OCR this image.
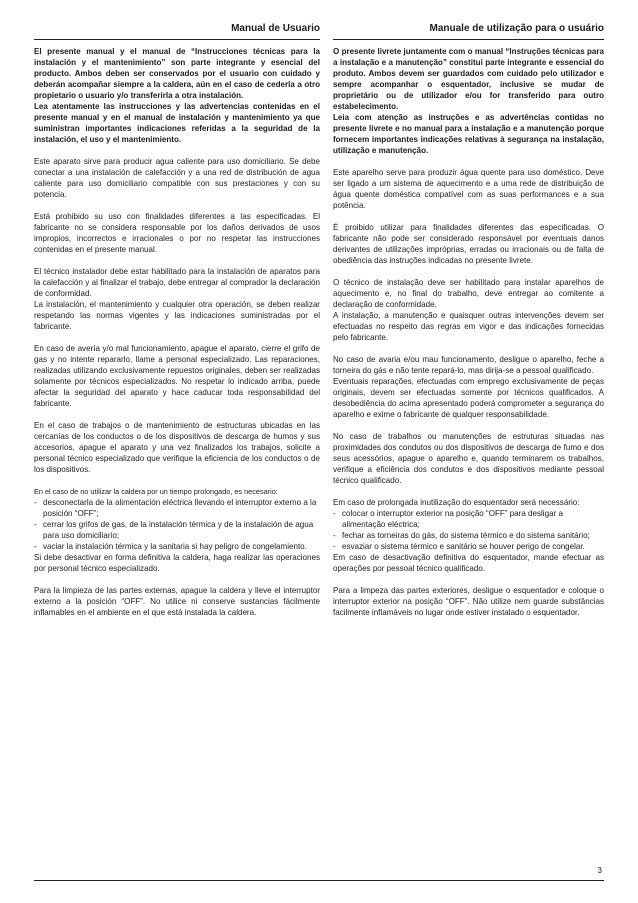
Manual de Usuario	Manuale de utilização para o usuário

El presente manual y el manual de “Instrucciones técnicas para la instalación y el mantenimiento” son parte integrante y esencial del producto. Ambos deben ser conservados por el usuario con cuidado y deberán acompañar siempre a la caldera, aún en el caso de cederla a otro propietario o usuario y/o transferirla a otra instalación.

Lea atentamente las instrucciones y las advertencias contenidas en el presente manual y en el manual de instalación y mantenimiento ya que suministran importantes indicaciones referidas a la seguridad de la instalación, el uso y el mantenimiento.

Este aparato sirve para producir agua caliente para uso domiciliario. Se debe conectar a una instalación de calefacción y a una red de distribución de agua caliente para uso domiciliario compatible con sus prestaciones y con su potencia.

Está prohibido su uso con finalidades diferentes a las especificadas. El fabricante no se considera responsable por los daños derivados de usos impropios, incorrectos e irracionales o por no respetar las instrucciones contenidas en el presente manual.

El técnico instalador debe estar habilitado para la instalación de aparatos para la calefacción y al finalizar el trabajo, debe entregar al comprador la declaración de conformidad.

La instalación, el mantenimiento y cualquier otra operación, se deben realizar respetando las normas vigentes y las indicaciones suministradas por el fabricante.

En caso de avería y/o mal funcionamiento, apague el aparato, cierre el grifo de gas y no intente repararlo, llame a personal especializado. Las reparaciones, realizadas utilizando exclusivamente repuestos originales, deben ser realizadas solamente por técnicos especializados. No respetar lo indicado arriba, puede afectar la seguridad del aparato y hace caducar toda responsabilidad del fabricante.

En el caso de trabajos o de mantenimiento de estructuras ubicadas en las cercanías de los conductos o de los dispositivos de descarga de humos y sus accesorios, apague el aparato y una vez finalizados los trabajos, solicite a personal técnico especializado que verifique la eficiencia de los conductos o de los dispositivos.

En el caso de no utilizar la caldera por un tiempo prolongado, es necesario:

- desconectarla de la alimentación eléctrica llevando el interruptor externo a la posición “OFF”;
- cerrar los grifos de gas, de la instalación térmica y de la instalación de agua para uso domiciliario;
- vaciar la instalación térmica y la sanitaria si hay peligro de congelamiento.

Si debe desactivar en forma definitiva la caldera, haga realizar las operaciones por personal técnico especializado.

Para la limpieza de las partes externas, apague la caldera y lleve el interruptor externo a la posición “OFF”. No utilice ni conserve sustancias fácilmente inflamables en el ambiente en el que está instalada la caldera.

O presente livrete juntamente com o manual “Instruções técnicas para a instalação e a manutenção” constitui parte integrante e essencial do produto. Ambos devem ser guardados com cuidado pelo utilizador e sempre acompanhar o esquentador, inclusive se mudar de proprietário ou de utilizador e/ou for transferido para outro estabelecimento.

Leia com atenção as instruções e as advertências contidas no presente livrete e no manual para a instalação e a manutenção porque fornecem importantes indicações relativas à segurança na instalação, utilização e manutenção.

Este aparelho serve para produzir água quente para uso doméstico. Deve ser ligado a um sistema de aquecimento e a uma rede de distribuição de água quente doméstica compatível com as suas performances e a sua potência.

É proibido utilizar para finalidades diferentes das especificadas. O fabricante não pode ser considerado responsável por eventuais danos derivantes de utilizações impróprias, erradas ou irracionais ou de falta de obediência das instruções indicadas no presente livrete.

O técnico de instalação deve ser habilitado para instalar aparelhos de aquecimento e, no final do trabalho, deve entregar ao comitente a declaração de conformidade.

A instalação, a manutenção e quaisquer outras intervenções devem ser efectuadas no respeito das regras em vigor e das indicações fornecidas pelo fabricante.

No caso de avaria e/ou mau funcionamento, desligue o aparelho, feche a torneira do gás e não tente repará-lo, mas dirija-se a pessoal qualificado.

Eventuais reparações, efectuadas com emprego exclusivamente de peças originais, devem ser efectuadas somente por técnicos qualificados. A desobediência do acima apresentado poderá comprometer a segurança do aparelho e exime o fabricante de qualquer responsabilidade.

No caso de trabalhos ou manutenções de estruturas situadas nas proximidades dos condutos ou dos dispositivos de descarga de fumo e dos seus acessórios, apague o aparelho e, quando terminarem os trabalhos, verifique a eficiência dos condutos e dos dispositivos mediante pessoal técnico qualificado.

Em caso de prolongada inutilização do esquentador será necessário:

- colocar o interruptor exterior na posição “OFF” para desligar a alimentação eléctrica;
- fechar as torneiras do gás, do sistema térmico e do sistema sanitário;
- esvaziar o sistema térmico e sanitário se houver perigo de congelar.

Em caso de desactivação definitiva do esquentador, mande efectuar as operações por pessoal técnico qualificado.

Para a limpeza das partes exteriores, desligue o esquentador e coloque o interruptor exterior na posição “OFF”. Não utilize nem guarde substâncias facilmente inflamáveis no lugar onde estiver instalado o esquentador.

3
